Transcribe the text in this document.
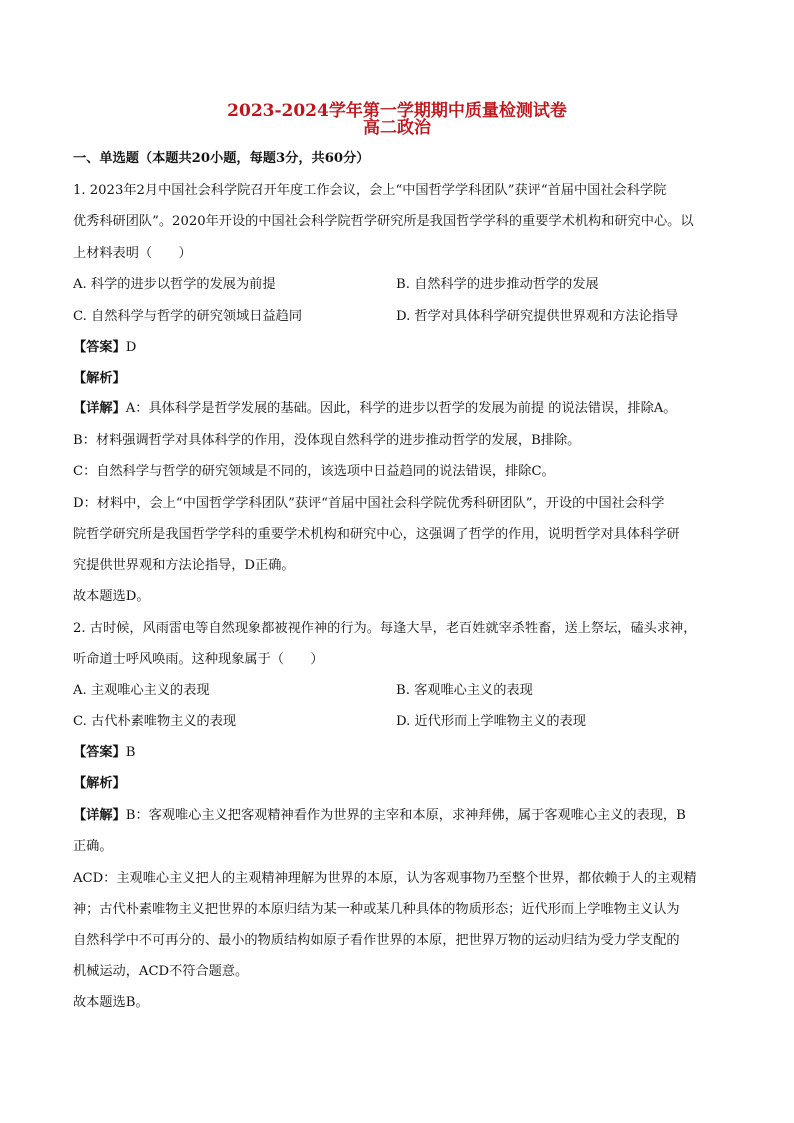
2023-2024学年第一学期期中质量检测试卷
高二政治
一、单选题（本题共20小题，每题3分，共60分）
1. 2023年2月中国社会科学院召开年度工作会议，会上“中国哲学学科团队”获评“首届中国社会科学院
优秀科研团队”。2020年开设的中国社会科学院哲学研究所是我国哲学学科的重要学术机构和研究中心。以
上材料表明（　　）
A. 科学的进步以哲学的发展为前提	B. 自然科学的进步推动哲学的发展
C. 自然科学与哲学的研究领域日益趋同	D. 哲学对具体科学研究提供世界观和方法论指导
【答案】D
【解析】
【详解】A：具体科学是哲学发展的基础。因此，科学的进步以哲学的发展为前提 的说法错误，排除A。
B：材料强调哲学对具体科学的作用，没体现自然科学的进步推动哲学的发展，B排除。
C：自然科学与哲学的研究领域是不同的，该选项中日益趋同的说法错误，排除C。
D：材料中，会上“中国哲学学科团队”获评“首届中国社会科学院优秀科研团队”，开设的中国社会科学
院哲学研究所是我国哲学学科的重要学术机构和研究中心，这强调了哲学的作用，说明哲学对具体科学研
究提供世界观和方法论指导，D正确。
故本题选D。
2. 古时候，风雨雷电等自然现象都被视作神的行为。每逢大旱，老百姓就宰杀牲畜，送上祭坛，磕头求神，
听命道士呼风唤雨。这种现象属于（　　）
A. 主观唯心主义的表现	B. 客观唯心主义的表现
C. 古代朴素唯物主义的表现	D. 近代形而上学唯物主义的表现
【答案】B
【解析】
【详解】B：客观唯心主义把客观精神看作为世界的主宰和本原，求神拜佛，属于客观唯心主义的表现，B
正确。
ACD：主观唯心主义把人的主观精神理解为世界的本原，认为客观事物乃至整个世界，都依赖于人的主观精
神；古代朴素唯物主义把世界的本原归结为某一种或某几种具体的物质形态；近代形而上学唯物主义认为
自然科学中不可再分的、最小的物质结构如原子看作世界的本原，把世界万物的运动归结为受力学支配的
机械运动，ACD不符合题意。
故本题选B。
